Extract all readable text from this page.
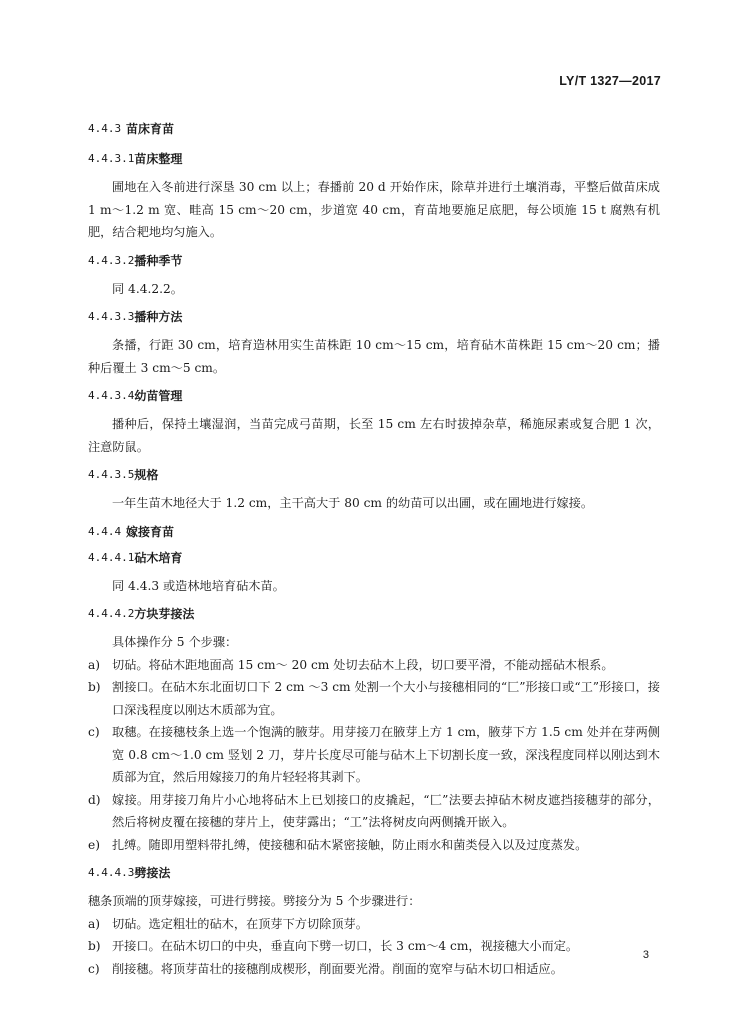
LY/T 1327—2017
4.4.3 苗床育苗
4.4.3.1 苗床整理

圃地在入冬前进行深垦 30 cm 以上；春播前 20 d 开始作床，除草并进行土壤消毒，平整后做苗床成 1 m～1.2 m 宽、畦高 15 cm～20 cm，步道宽 40 cm，育苗地要施足底肥，每公顷施 15 t 腐熟有机肥，结合耙地均匀施入。

4.4.3.2 播种季节

同 4.4.2.2。

4.4.3.3 播种方法

条播，行距 30 cm，培育造林用实生苗株距 10 cm～15 cm，培育砧木苗株距 15 cm～20 cm；播种后覆土 3 cm～5 cm。

4.4.3.4 幼苗管理

播种后，保持土壤湿润，当苗完成弓苗期，长至 15 cm 左右时拔掉杂草，稀施尿素或复合肥 1 次，注意防鼠。

4.4.3.5 规格

一年生苗木地径大于 1.2 cm，主干高大于 80 cm 的幼苗可以出圃，或在圃地进行嫁接。

4.4.4 嫁接育苗
4.4.4.1 砧木培育

同 4.4.3 或造林地培育砧木苗。

4.4.4.2 方块芽接法

具体操作分 5 个步骤：

a) 切砧。将砧木距地面高 15 cm～ 20 cm 处切去砧木上段，切口要平滑，不能动摇砧木根系。
b) 割接口。在砧木东北面切口下 2 cm ～3 cm 处割一个大小与接穗相同的“匚”形接口或“工”形接口，接口深浅程度以刚达木质部为宜。
c)	取穗。在接穗枝条上选一个饱满的腋芽。用芽接刀在腋芽上方 1 cm，腋芽下方 1.5 cm 处并在芽两侧宽 0.8 cm～1.0 cm 竖划 2 刀，芽片长度尽可能与砧木上下切割长度一致，深浅程度同样以刚达到木质部为宜，然后用嫁接刀的角片轻轻将其剥下。
d) 嫁接。用芽接刀角片小心地将砧木上已划接口的皮撬起，“匚”法要去掉砧木树皮遮挡接穗芽的部分，然后将树皮覆在接穗的芽片上，使芽露出；“工”法将树皮向两侧撬开嵌入。
e) 扎缚。随即用塑料带扎缚，使接穗和砧木紧密接触，防止雨水和菌类侵入以及过度蒸发。
4.4.4.3 劈接法

穗条顶端的顶芽嫁接，可进行劈接。劈接分为 5 个步骤进行：

a) 切砧。选定粗壮的砧木，在顶芽下方切除顶芽。
b) 开接口。在砧木切口的中央，垂直向下劈一切口，长 3 cm～4 cm，视接穗大小而定。
c)	削接穗。将顶芽苗壮的接穗削成楔形，削面要光滑。削面的宽窄与砧木切口相适应。
3
